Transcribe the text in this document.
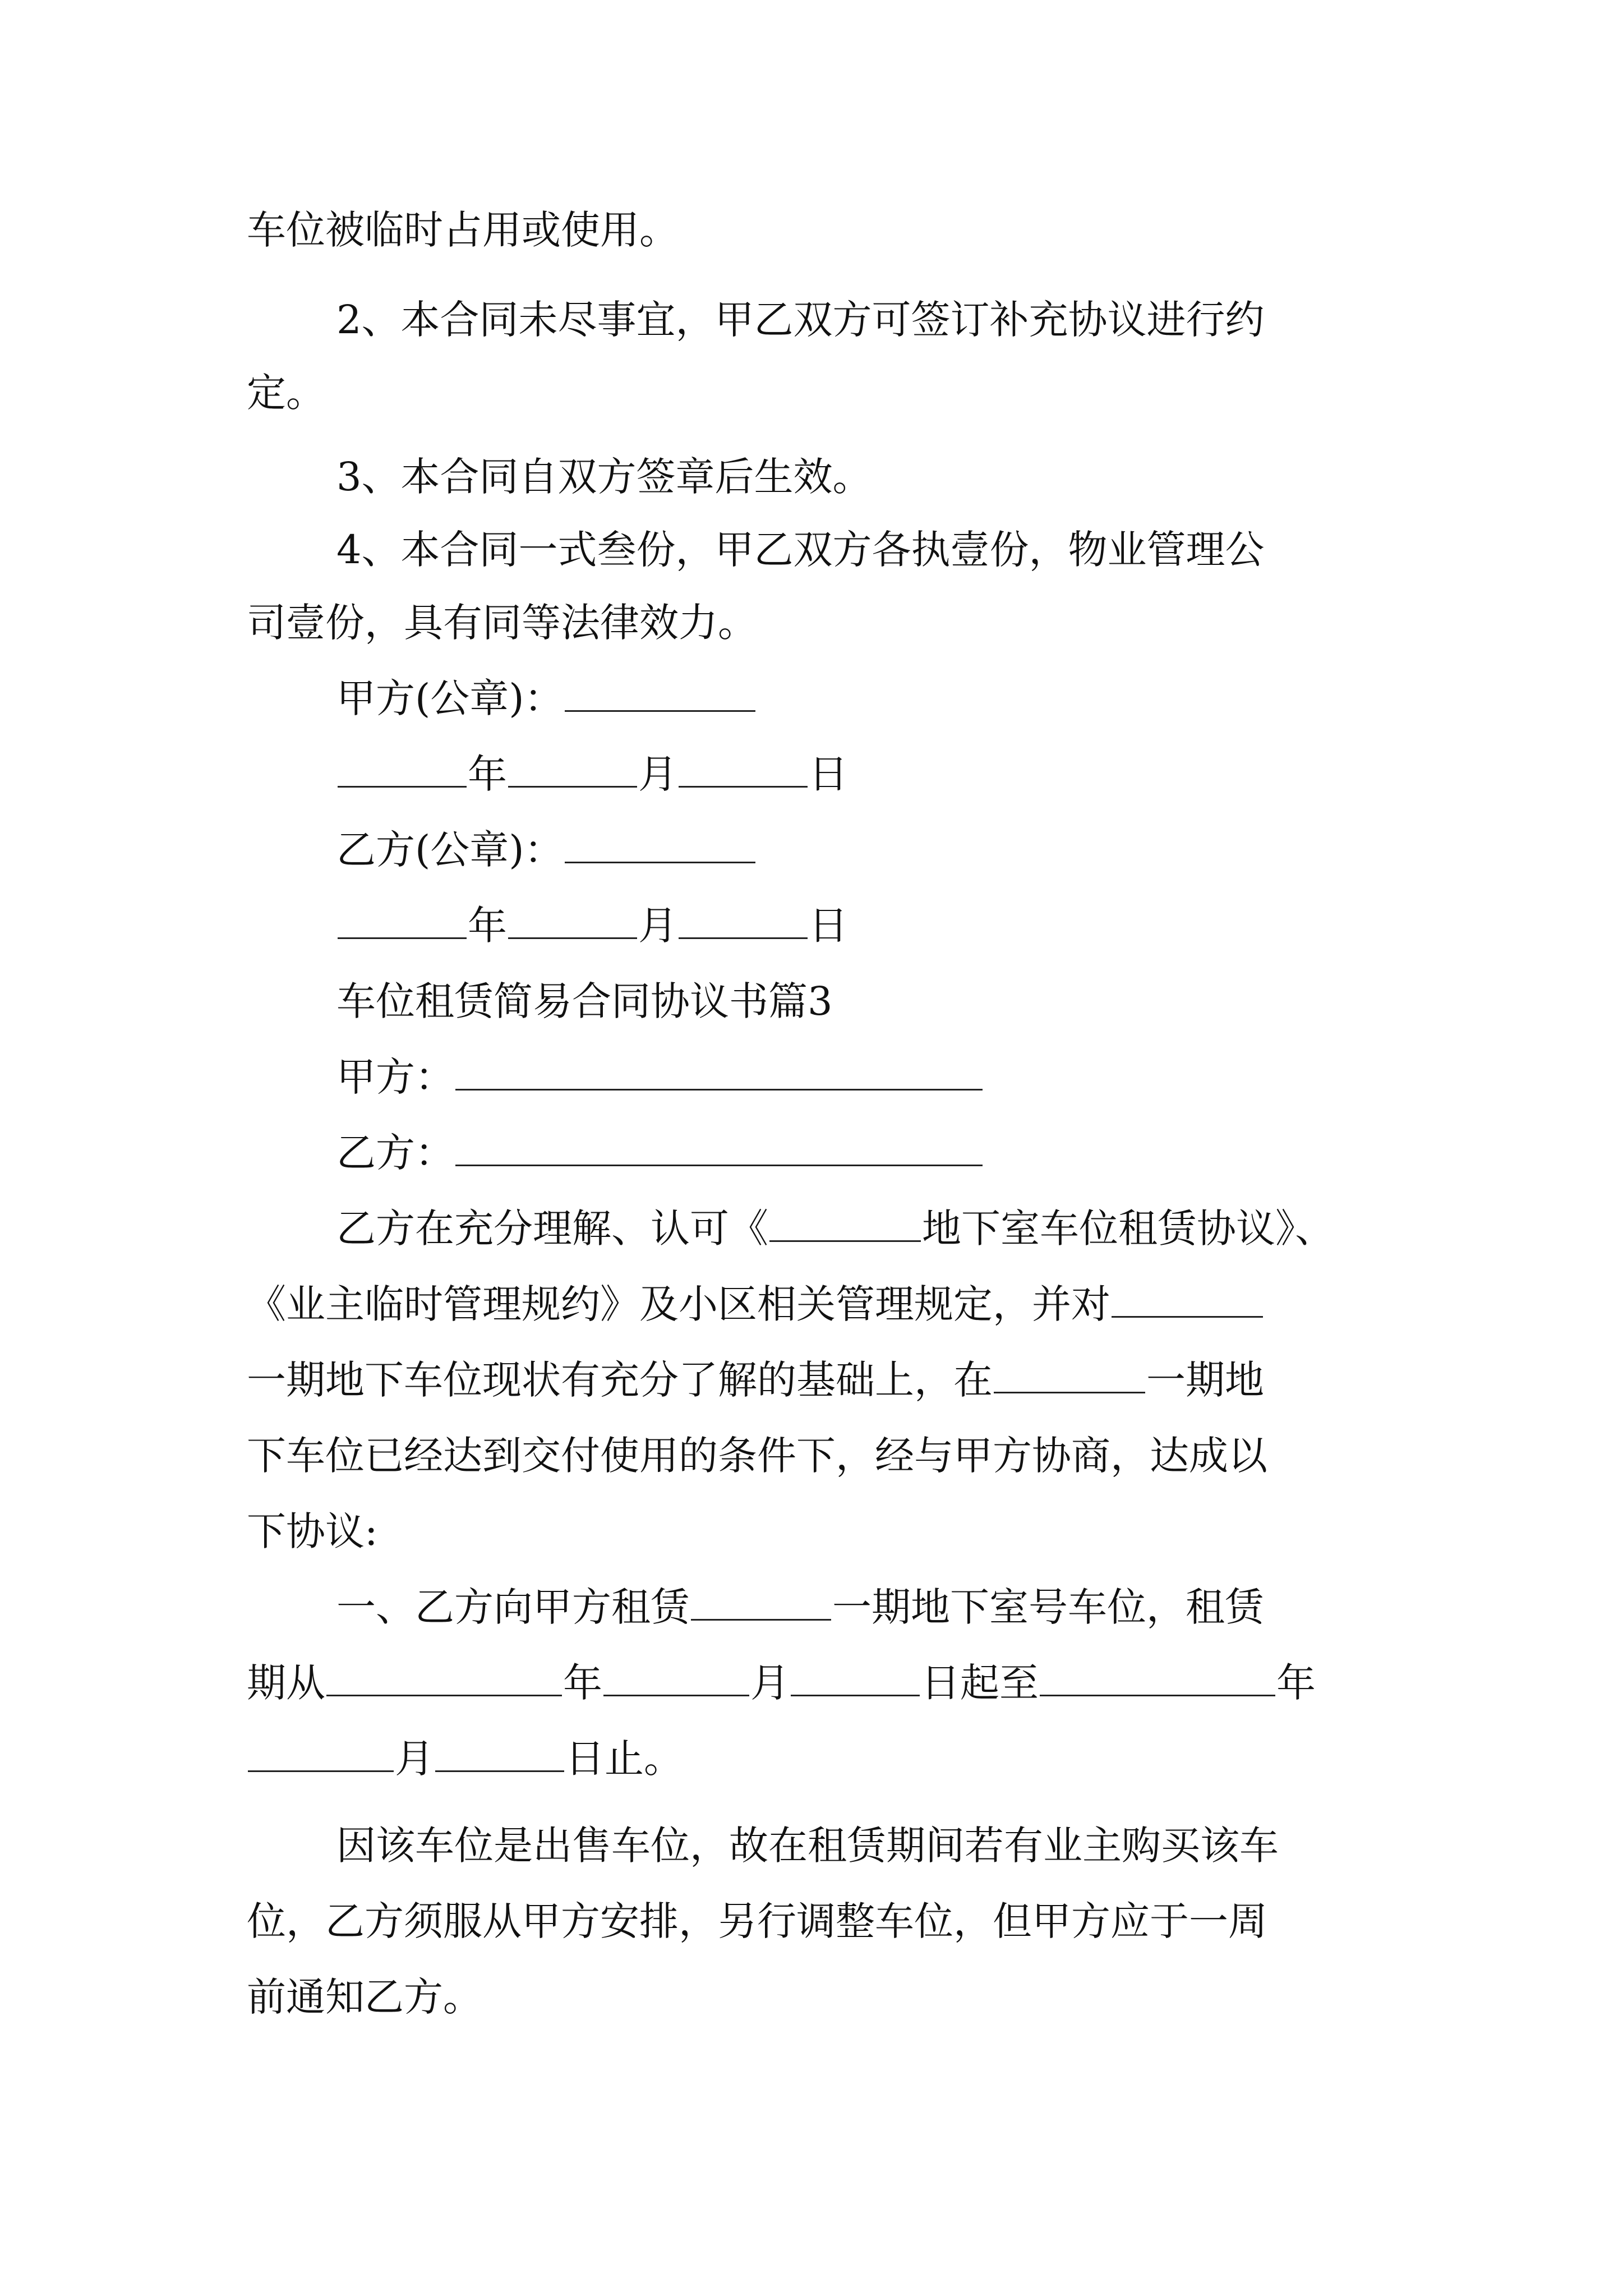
车位被临时占用或使用。
2、本合同未尽事宜，甲乙双方可签订补充协议进行约
定。
3、本合同自双方签章后生效。
4、本合同一式叁份，甲乙双方各执壹份，物业管理公
司壹份，具有同等法律效力。
甲方(公章)：
年	月	日
乙方(公章)：
年	月	日
车位租赁简易合同协议书篇3
甲方：
乙方：
乙方在充分理解、认可《	地下室车位租赁协议》、
《业主临时管理规约》及小区相关管理规定，并对
一期地下车位现状有充分了解的基础上，在	一期地
下车位已经达到交付使用的条件下，经与甲方协商，达成以
下协议:
一、乙方向甲方租赁	一期地下室号车位，租赁
期从	年	月	日起至	年
月	日止。
因该车位是出售车位，故在租赁期间若有业主购买该车
位，乙方须服从甲方安排，另行调整车位，但甲方应于一周
前通知乙方。
